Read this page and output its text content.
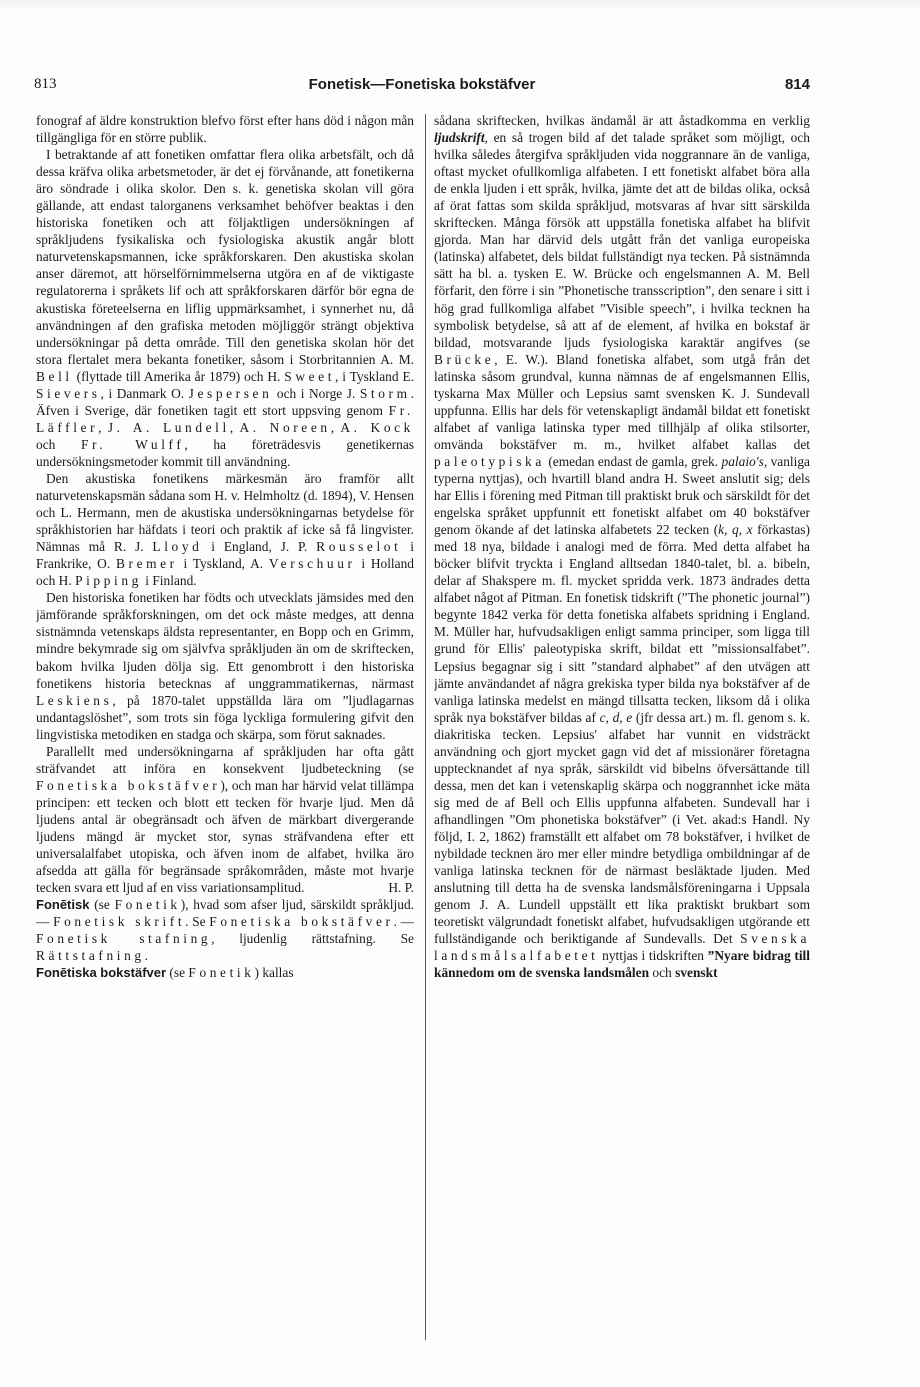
813	Fonetisk—Fonetiska bokstäfver	814

fonograf af äldre konstruktion blefvo först efter hans död i någon mån tillgängliga för en större publik.

I betraktande af att fonetiken omfattar flera olika arbetsfält, och då dessa kräfva olika arbetsmetoder, är det ej förvånande, att fonetikerna äro söndrade i olika skolor. Den s. k. genetiska skolan vill göra gällande, att endast talorganens verksamhet behöfver beaktas i den historiska fonetiken och att följaktligen undersökningen af språkljudens fysikaliska och fysiologiska akustik angår blott naturvetenskapsmannen, icke språkforskaren. Den akustiska skolan anser däremot, att hörselförnimmelserna utgöra en af de viktigaste regulatorerna i språkets lif och att språkforskaren därför bör egna de akustiska företeelserna en liflig uppmärksamhet, i synnerhet nu, då användningen af den grafiska metoden möjliggör strängt objektiva undersökningar på detta område. Till den genetiska skolan hör det stora flertalet mera bekanta fonetiker, såsom i Storbritannien A. M. Bell (flyttade till Amerika år 1879) och H. Sweet, i Tyskland E. Sievers, i Danmark O. Jespersen och i Norge J. Storm. Äfven i Sverige, där fonetiken tagit ett stort uppsving genom Fr. Läffler, J. A. Lundell, A. Noreen, A. Kock och Fr. Wulff, ha företrädesvis genetikernas undersökningsmetoder kommit till användning.

Den akustiska fonetikens märkesmän äro framför allt naturvetenskapsmän sådana som H. v. Helmholtz (d. 1894), V. Hensen och L. Hermann, men de akustiska undersökningarnas betydelse för språkhistorien har häfdats i teori och praktik af icke så få lingvister. Nämnas må R. J. Lloyd i England, J. P. Rousselot i Frankrike, O. Bremer i Tyskland, A. Verschuur i Holland och H. Pipping i Finland.

Den historiska fonetiken har födts och utvecklats jämsides med den jämförande språkforskningen, om det ock måste medges, att denna sistnämnda vetenskaps äldsta representanter, en Bopp och en Grimm, mindre bekymrade sig om självfva språkljuden än om de skriftecken, bakom hvilka ljuden dölja sig. Ett genombrott i den historiska fonetikens historia betecknas af unggrammatikernas, närmast Leskiens, på 1870-talet uppställda lära om ”ljudlagarnas undantagslöshet”, som trots sin föga lyckliga formulering gifvit den lingvistiska metodiken en stadga och skärpa, som förut saknades.

Parallellt med undersökningarna af språkljuden har ofta gått sträfvandet att införa en konsekvent ljudbeteckning (se Fonetiska bokstäfver), och man har härvid velat tillämpa principen: ett tecken och blott ett tecken för hvarje ljud. Men då ljudens antal är obegränsadt och äfven de märkbart divergerande ljudens mängd är mycket stor, synas sträfvandena efter ett universalalfabet utopiska, och äfven inom de alfabet, hvilka äro afsedda att gälla för begränsade språkområden, måste mot hvarje tecken svara ett ljud af en viss variationsamplitud.	H. P.

Fonētisk (se Fonetik), hvad som afser ljud, särskildt språkljud. — Fonetisk skrift. Se Fonetiska bokstäfver. — Fonetisk stafning, ljudenlig rättstafning. Se Rättstafning.

Fonētiska bokstäfver (se Fonetik) kallas

sådana skriftecken, hvilkas ändamål är att åstadkomma en verklig ljudskrift, en så trogen bild af det talade språket som möjligt, och hvilka således återgifva språkljuden vida noggrannare än de vanliga, oftast mycket ofullkomliga alfabeten. I ett fonetiskt alfabet böra alla de enkla ljuden i ett språk, hvilka, jämte det att de bildas olika, också af örat fattas som skilda språkljud, motsvaras af hvar sitt särskilda skriftecken. Många försök att uppställa fonetiska alfabet ha blifvit gjorda. Man har därvid dels utgått från det vanliga europeiska (latinska) alfabetet, dels bildat fullständigt nya tecken. På sistnämnda sätt ha bl. a. tysken E. W. Brücke och engelsmannen A. M. Bell förfarit, den förre i sin ”Phonetische transscription”, den senare i sitt i hög grad fullkomliga alfabet ”Visible speech”, i hvilka tecknen ha symbolisk betydelse, så att af de element, af hvilka en bokstaf är bildad, motsvarande ljuds fysiologiska karaktär angifves (se Brücke, E. W.). Bland fonetiska alfabet, som utgå från det latinska såsom grundval, kunna nämnas de af engelsmannen Ellis, tyskarna Max Müller och Lepsius samt svensken K. J. Sundevall uppfunna. Ellis har dels för vetenskapligt ändamål bildat ett fonetiskt alfabet af vanliga latinska typer med tillhjälp af olika stilsorter, omvända bokstäfver m. m., hvilket alfabet kallas det paleotypiska (emedan endast de gamla, grek. palaio's, vanliga typerna nyttjas), och hvartill bland andra H. Sweet anslutit sig; dels har Ellis i förening med Pitman till praktiskt bruk och särskildt för det engelska språket uppfunnit ett fonetiskt alfabet om 40 bokstäfver genom ökande af det latinska alfabetets 22 tecken (k, q, x förkastas) med 18 nya, bildade i analogi med de förra. Med detta alfabet ha böcker blifvit tryckta i England alltsedan 1840-talet, bl. a. bibeln, delar af Shakspere m. fl. mycket spridda verk. 1873 ändrades detta alfabet något af Pitman. En fonetisk tidskrift (”The phonetic journal”) begynte 1842 verka för detta fonetiska alfabets spridning i England. M. Müller har, hufvudsakligen enligt samma principer, som ligga till grund för Ellis' paleotypiska skrift, bildat ett ”missionsalfabet”. Lepsius begagnar sig i sitt ”standard alphabet” af den utvägen att jämte användandet af några grekiska typer bilda nya bokstäfver af de vanliga latinska medelst en mängd tillsatta tecken, liksom då i olika språk nya bokstäfver bildas af c, d, e (jfr dessa art.) m. fl. genom s. k. diakritiska tecken. Lepsius' alfabet har vunnit en vidsträckt användning och gjort mycket gagn vid det af missionärer företagna upptecknandet af nya språk, särskildt vid bibelns öfversättande till dessa, men det kan i vetenskaplig skärpa och noggrannhet icke mäta sig med de af Bell och Ellis uppfunna alfabeten. Sundevall har i afhandlingen ”Om phonetiska bokstäfver” (i Vet. akad:s Handl. Ny följd, I. 2, 1862) framställt ett alfabet om 78 bokstäfver, i hvilket de nybildade tecknen äro mer eller mindre betydliga ombildningar af de vanliga latinska tecknen för de närmast besläktade ljuden. Med anslutning till detta ha de svenska landsmålsföreningarna i Uppsala genom J. A. Lundell uppställt ett lika praktiskt brukbart som teoretiskt välgrundadt fonetiskt alfabet, hufvudsakligen utgörande ett fullständigande och beriktigande af Sundevalls. Det Svenska landsmålsalfabetet nyttjas i tidskriften ”Nyare bidrag till kännedom om de svenska landsmålen och svenskt
